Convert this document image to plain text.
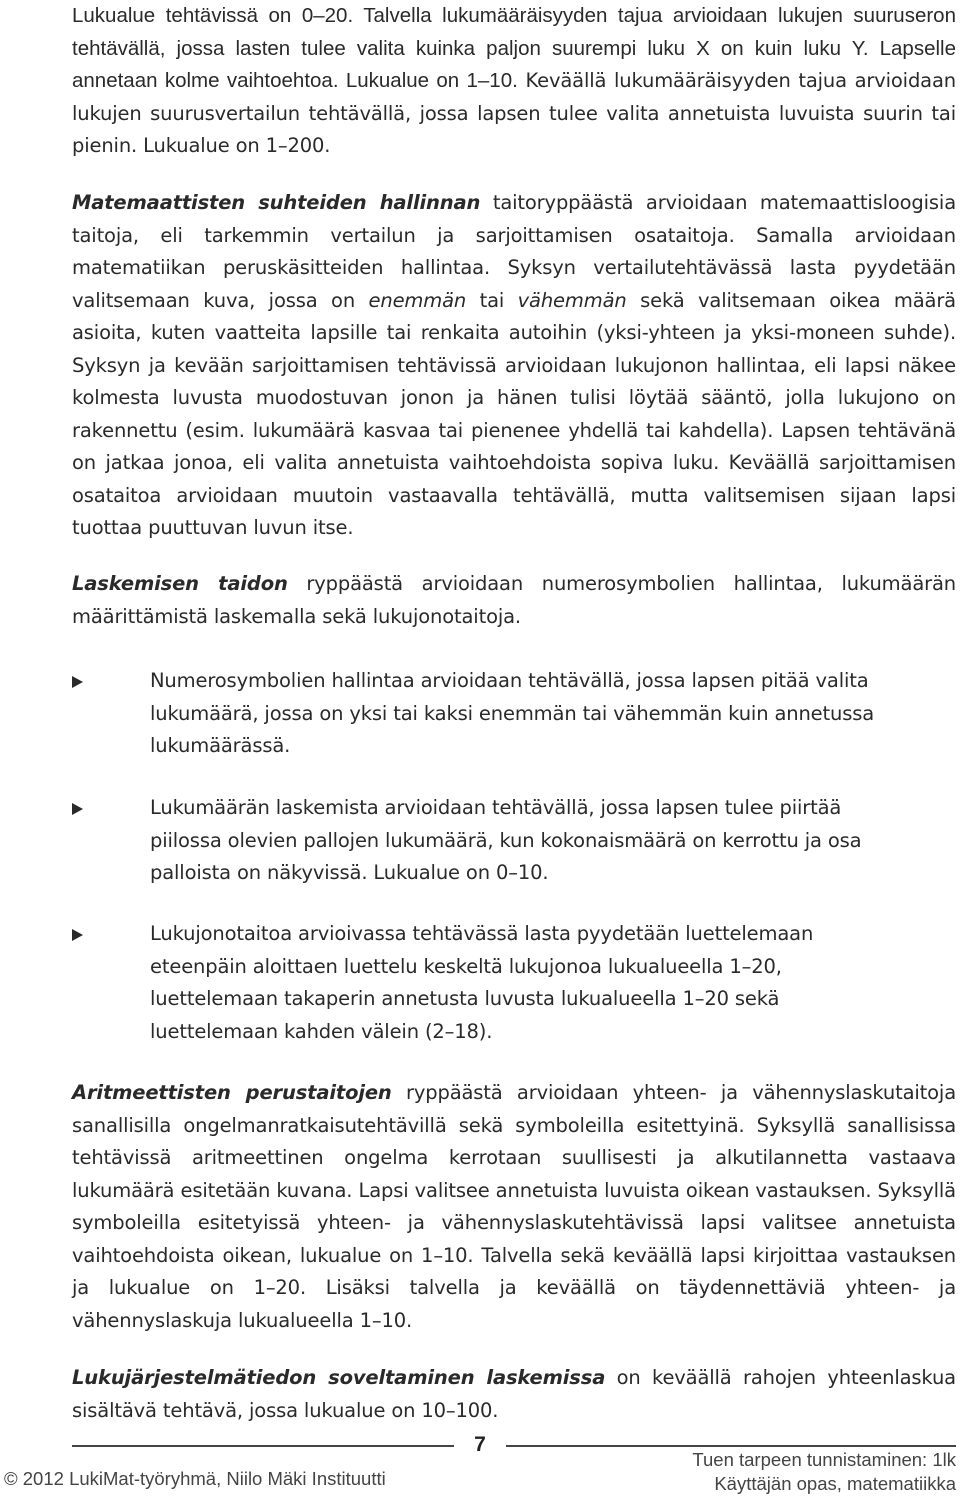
Lukualue tehtävissä on 0–20. Talvella lukumääräisyyden tajua arvioidaan lukujen suuruseron tehtävällä, jossa lasten tulee valita kuinka paljon suurempi luku X on kuin luku Y. Lapselle annetaan kolme vaihtoehtoa. Lukualue on 1–10. Keväällä lukumääräisyyden tajua arvioidaan lukujen suurusvertailun tehtävällä, jossa lapsen tulee valita annetuista luvuista suurin tai pienin. Lukualue on 1–200.

Matemaattisten suhteiden hallinnan taitoryppäästä arvioidaan matemaattisloogisia taitoja, eli tarkemmin vertailun ja sarjoittamisen osataitoja. Samalla arvioidaan matematiikan peruskäsitteiden hallintaa. Syksyn vertailutehtävässä lasta pyydetään valitsemaan kuva, jossa on enemmän tai vähemmän sekä valitsemaan oikea määrä asioita, kuten vaatteita lapsille tai renkaita autoihin (yksi-yhteen ja yksi-moneen suhde). Syksyn ja kevään sarjoittamisen tehtävissä arvioidaan lukujonon hallintaa, eli lapsi näkee kolmesta luvusta muodostuvan jonon ja hänen tulisi löytää sääntö, jolla lukujono on rakennettu (esim. lukumäärä kasvaa tai pienenee yhdellä tai kahdella). Lapsen tehtävänä on jatkaa jonoa, eli valita annetuista vaihtoehdoista sopiva luku. Keväällä sarjoittamisen osataitoa arvioidaan muutoin vastaavalla tehtävällä, mutta valitsemisen sijaan lapsi tuottaa puuttuvan luvun itse.

Laskemisen taidon ryppäästä arvioidaan numerosymbolien hallintaa, lukumäärän määrittämistä laskemalla sekä lukujonotaitoja.

Numerosymbolien hallintaa arvioidaan tehtävällä, jossa lapsen pitää valita lukumäärä, jossa on yksi tai kaksi enemmän tai vähemmän kuin annetussa lukumäärässä.
Lukumäärän laskemista arvioidaan tehtävällä, jossa lapsen tulee piirtää piilossa olevien pallojen lukumäärä, kun kokonaismäärä on kerrottu ja osa palloista on näkyvissä. Lukualue on 0–10.
Lukujonotaitoa arvioivassa tehtävässä lasta pyydetään luettelemaan eteenpäin aloittaen luettelu keskeltä lukujonoa lukualueella 1–20, luettelemaan takaperin annetusta luvusta lukualueella 1–20 sekä luettelemaan kahden välein (2–18).

Aritmeettisten perustaitojen ryppäästä arvioidaan yhteen- ja vähennyslaskutaitoja sanallisilla ongelmanratkaisutehtävillä sekä symboleilla esitettyinä. Syksyllä sanallisissa tehtävissä aritmeettinen ongelma kerrotaan suullisesti ja alkutilannetta vastaava lukumäärä esitetään kuvana. Lapsi valitsee annetuista luvuista oikean vastauksen. Syksyllä symboleilla esitetyissä yhteen- ja vähennyslaskutehtävissä lapsi valitsee annetuista vaihtoehdoista oikean, lukualue on 1–10. Talvella sekä keväällä lapsi kirjoittaa vastauksen ja lukualue on 1–20. Lisäksi talvella ja keväällä on täydennettäviä yhteen- ja vähennyslaskuja lukualueella 1–10.

Lukujärjestelmätiedon soveltaminen laskemissa on keväällä rahojen yhteenlaskua sisältävä tehtävä, jossa lukualue on 10–100.

7
© 2012 LukiMat-työryhmä, Niilo Mäki Instituutti
Tuen tarpeen tunnistaminen: 1lk
Käyttäjän opas, matematiikka
